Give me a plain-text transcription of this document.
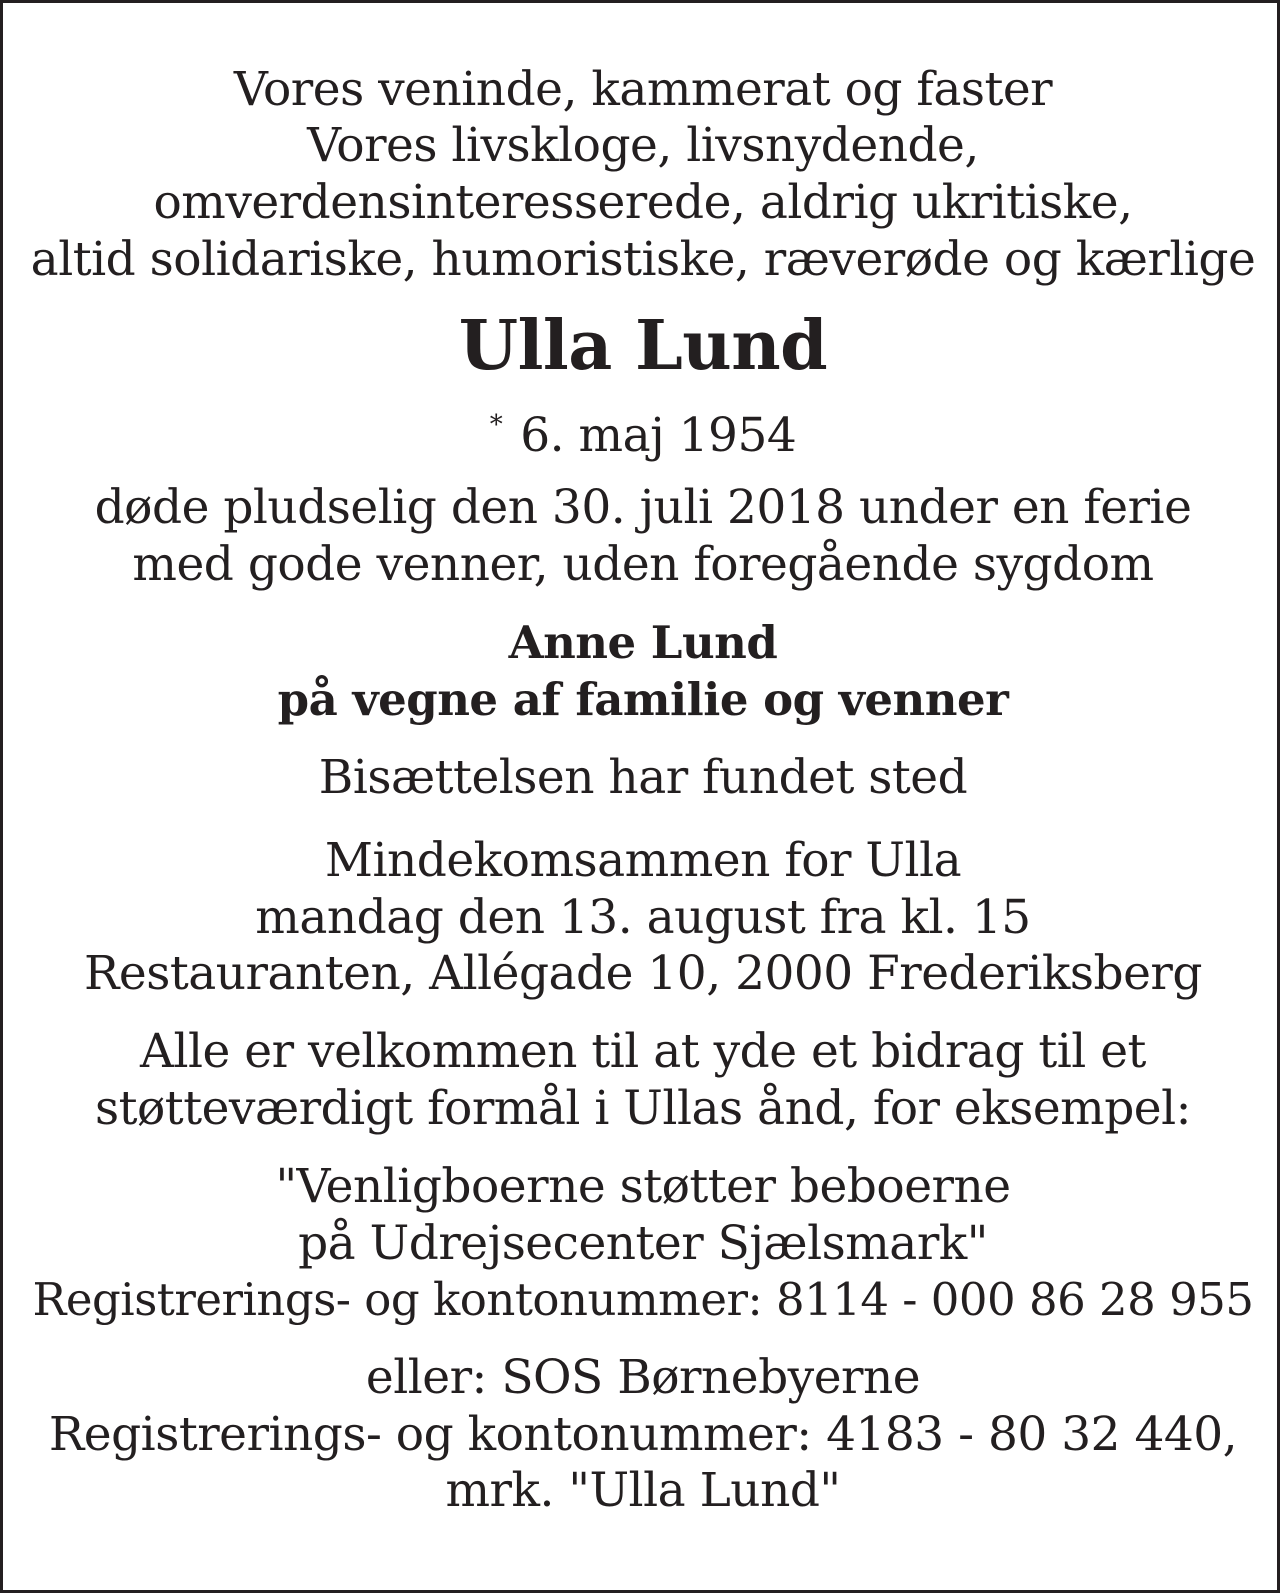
Vores veninde, kammerat og faster
Vores livskloge, livsnydende,
omverdensinteresserede, aldrig ukritiske,
altid solidariske, humoristiske, ræverøde og kærlige
Ulla Lund
* 6. maj 1954
døde pludselig den 30. juli 2018 under en ferie
med gode venner, uden foregående sygdom
Anne Lund
på vegne af familie og venner
Bisættelsen har fundet sted
Mindekomsammen for Ulla
mandag den 13. august fra kl. 15
Restauranten, Allégade 10, 2000 Frederiksberg
Alle er velkommen til at yde et bidrag til et
støtteværdigt formål i Ullas ånd, for eksempel:
"Venligboerne støtter beboerne
på Udrejsecenter Sjælsmark"
Registrerings- og kontonummer: 8114 - 000 86 28 955
eller: SOS Børnebyerne
Registrerings- og kontonummer: 4183 - 80 32 440,
mrk. "Ulla Lund"
